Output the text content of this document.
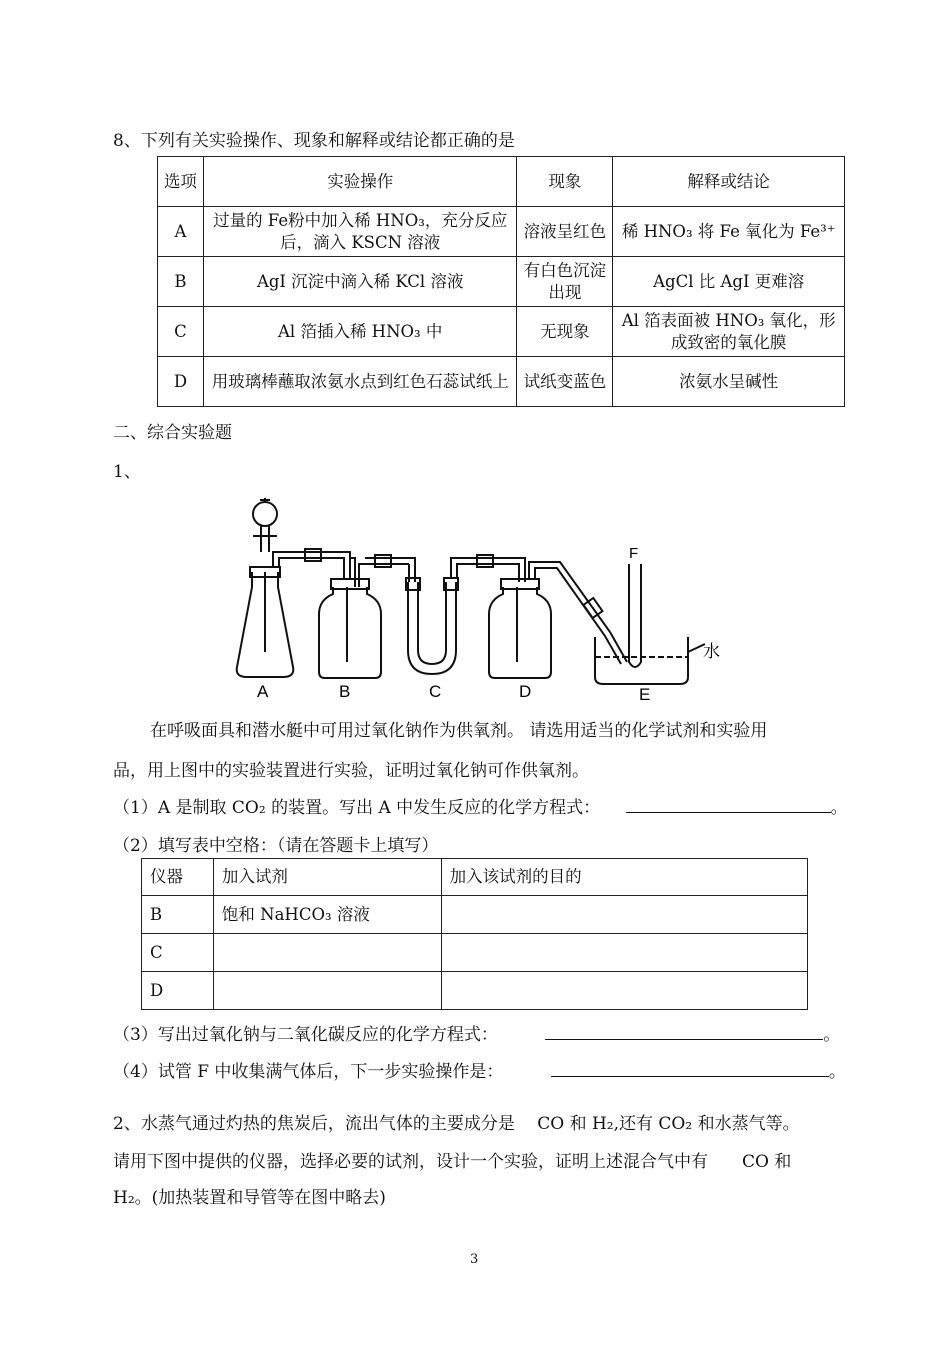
8、下列有关实验操作、现象和解释或结论都正确的是
选项	实验操作	现象	解释或结论
A	过量的 Fe粉中加入稀 HNO₃，充分反应后，滴入 KSCN 溶液	溶液呈红色	稀 HNO₃ 将 Fe 氧化为 Fe³⁺
B	AgI 沉淀中滴入稀 KCl 溶液	有白色沉淀出现	AgCl 比 AgI 更难溶
C	Al 箔插入稀 HNO₃ 中	无现象	Al 箔表面被 HNO₃ 氧化，形成致密的氧化膜
D	用玻璃棒蘸取浓氨水点到红色石蕊试纸上	试纸变蓝色	浓氨水呈碱性
二、综合实验题
1、
A	B	C	D	E
F
水
在呼吸面具和潜水艇中可用过氧化钠作为供氧剂。 请选用适当的化学试剂和实验用
品，用上图中的实验装置进行实验，证明过氧化钠可作供氧剂。
（1）A 是制取 CO₂ 的装置。写出 A 中发生反应的化学方程式：	。
（2）填写表中空格：（请在答题卡上填写）
仪器	加入试剂	加入该试剂的目的
B	饱和 NaHCO₃ 溶液	
C		
D		
（3）写出过氧化钠与二氧化碳反应的化学方程式：	。
（4）试管 F 中收集满气体后，下一步实验操作是：	。
2、水蒸气通过灼热的焦炭后，流出气体的主要成分是　 CO 和 H₂,还有 CO₂ 和水蒸气等。
请用下图中提供的仪器，选择必要的试剂，设计一个实验，证明上述混合气中有　　CO 和
H₂。(加热装置和导管等在图中略去)
3
